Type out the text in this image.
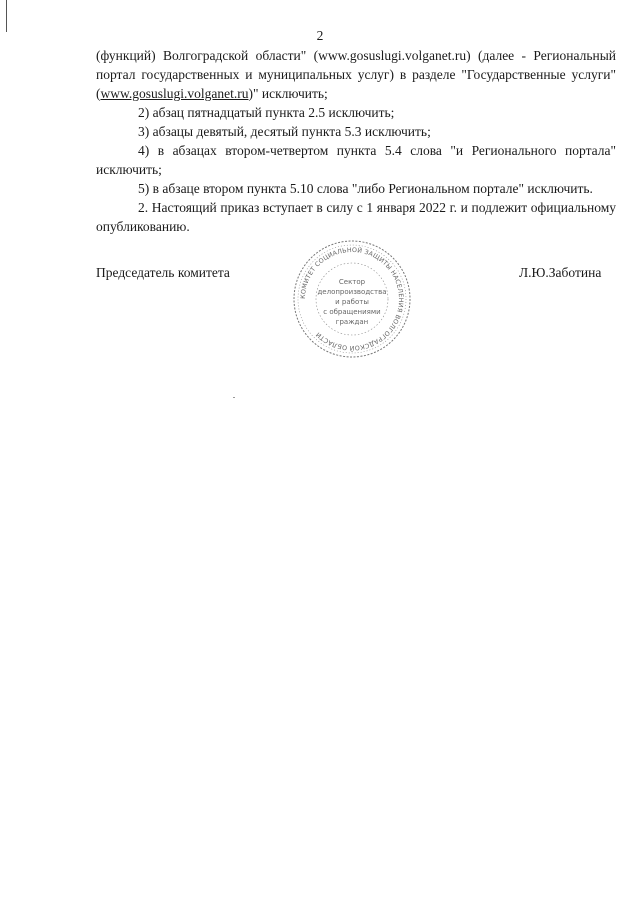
2

(функций) Волгоградской области" (www.gosuslugi.volganet.ru) (далее - Региональный портал государственных и муниципальных услуг) в разделе "Государственные услуги" (www.gosuslugi.volganet.ru)" исключить;

2) абзац пятнадцатый пункта 2.5 исключить;

3) абзацы девятый, десятый пункта 5.3 исключить;

4) в абзацах втором-четвертом пункта 5.4 слова "и Регионального портала" исключить;

5) в абзаце втором пункта 5.10 слова "либо Региональном портале" исключить.

2. Настоящий приказ вступает в силу с 1 января 2022 г. и подлежит официальному опубликованию.

Председатель комитета	Л.Ю.Заботина
КОМИТЕТ СОЦИАЛЬНОЙ ЗАЩИТЫ НАСЕЛЕНИЯ ВОЛГОГРАДСКОЙ ОБЛАСТИ
Сектор
делопроизводства
и работы
с обращениями
граждан
